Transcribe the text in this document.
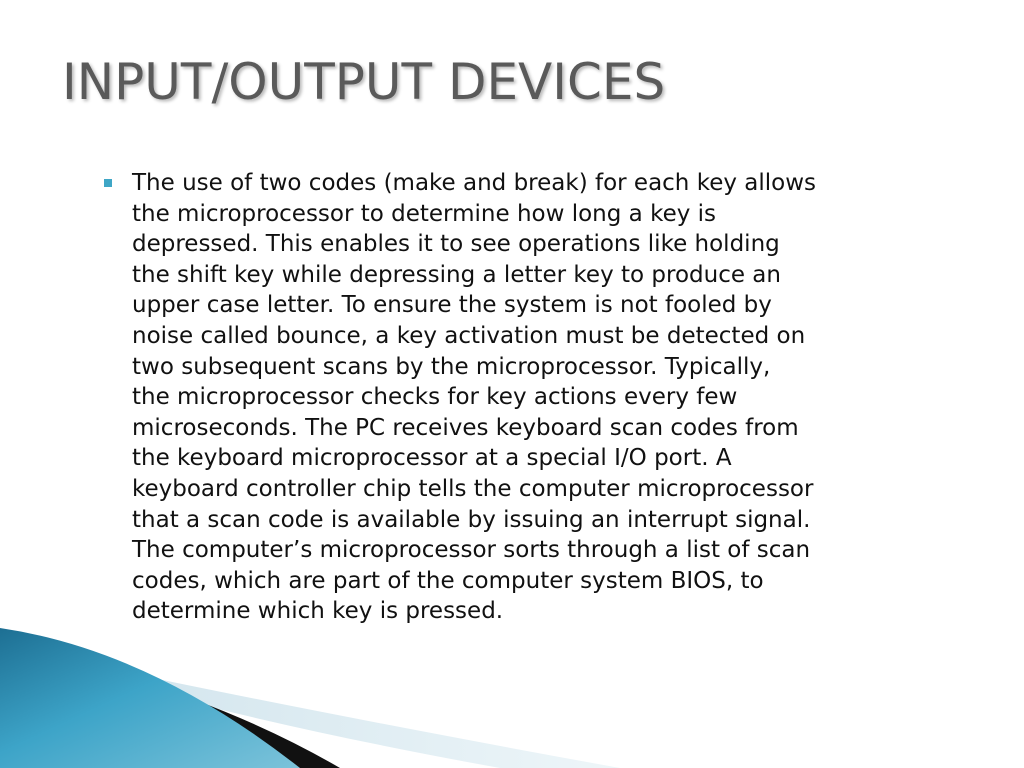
INPUT/OUTPUT DEVICES

The use of two codes (make and break) for each key allows
the microprocessor to determine how long a key is
depressed. This enables it to see operations like holding
the shift key while depressing a letter key to produce an
upper case letter. To ensure the system is not fooled by
noise called bounce, a key activation must be detected on
two subsequent scans by the microprocessor. Typically,
the microprocessor checks for key actions every few
microseconds. The PC receives keyboard scan codes from
the keyboard microprocessor at a special I/O port. A
keyboard controller chip tells the computer microprocessor
that a scan code is available by issuing an interrupt signal.
The computer’s microprocessor sorts through a list of scan
codes, which are part of the computer system BIOS, to
determine which key is pressed.
